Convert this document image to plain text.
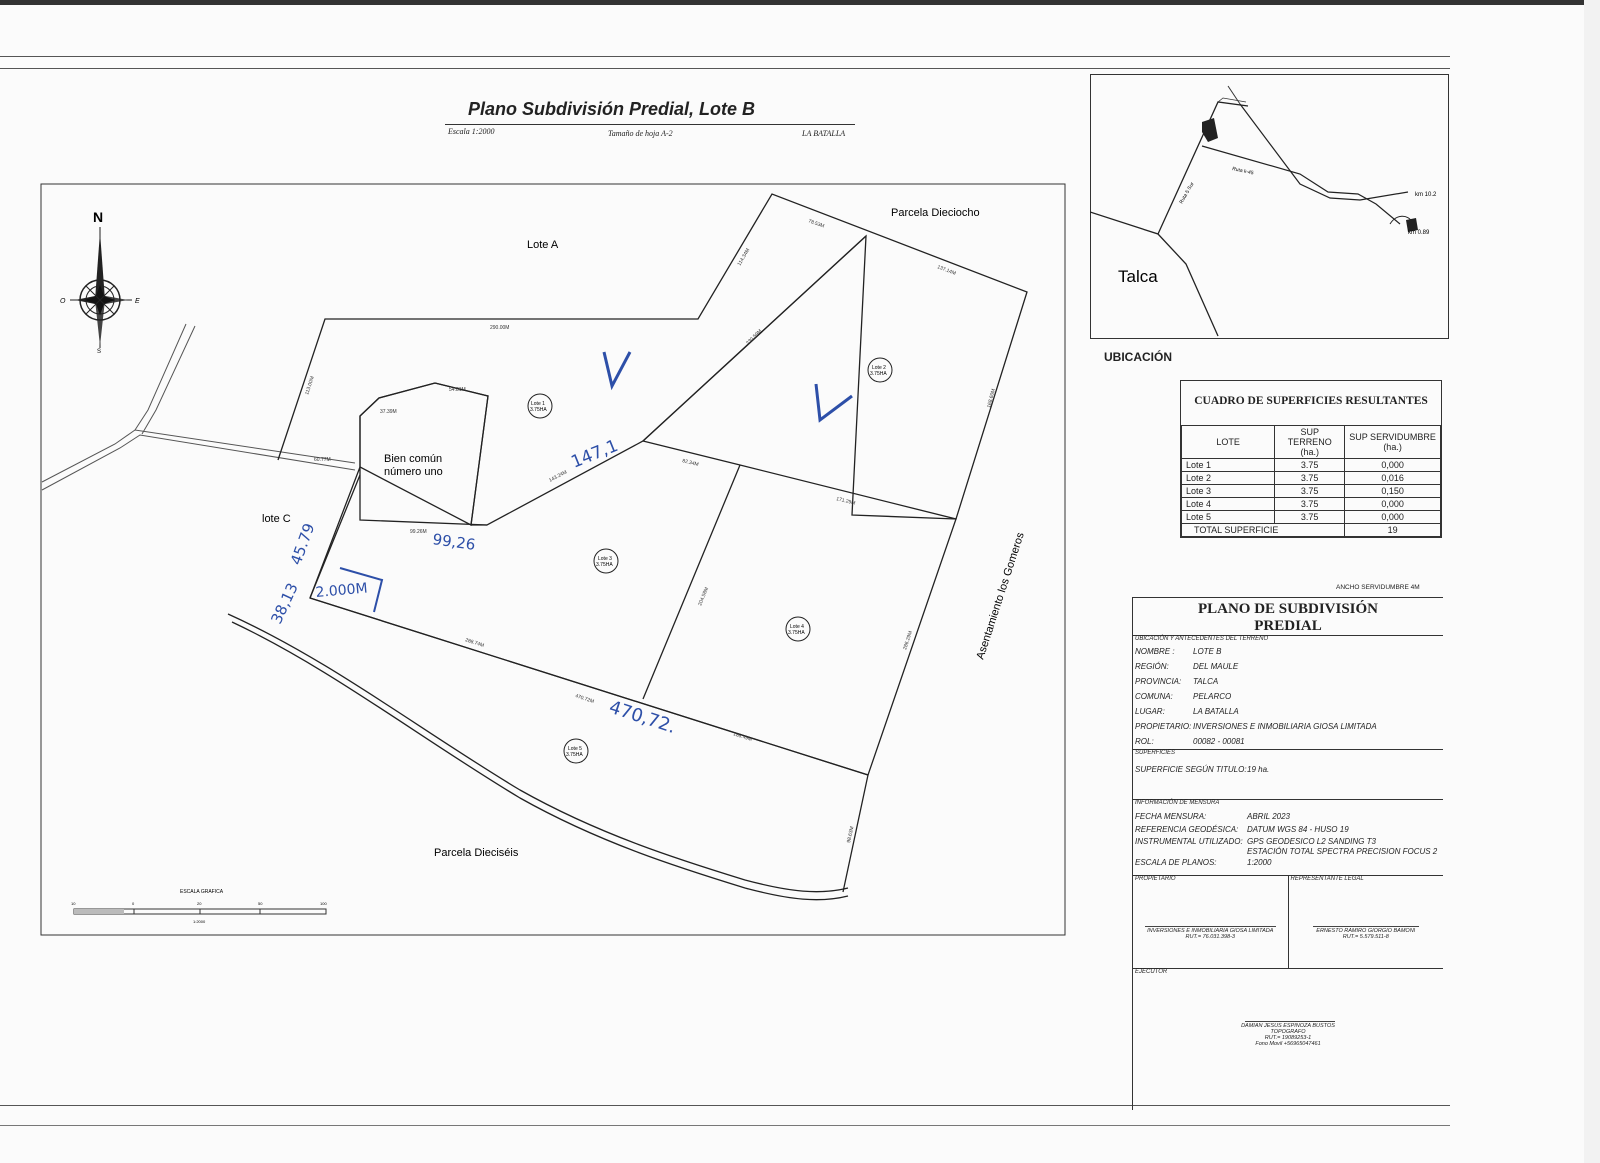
Plano Subdivisión Predial, Lote B
Escala 1:2000	Tamaño de hoja A-2	LA BATALLA
N
S
O	E
Lote A
Parcela Dieciocho
Parcela Dieciséis
lote C
Bien común
número uno
Asentamiento los Gomeros
Lote 1
3.75HA
Lote 2
3.75HA
Lote 3
3.75HA
Lote 4
3.75HA
Lote 5
3.75HA
290.00M
78.53M
137.14M
114.34M
230.59M
113.00M	54.81M
37.39M
60.77M	82.34M
143.24M
171.29M
99.26M
204.58M
288.74M	286.29M
470.72M
188.49M
98.63M
168.60M
147,1
99,26
45.79
2.000M
38,13
470,72.
ESCALA GRAFICA
1:2000
10	0	20	50	100
Talca
Ruta 5 Sur
Ruta k-45
km 10.2
km 0.89
UBICACIÓN
CUADRO DE SUPERFICIES RESULTANTES
LOTE	SUP TERRENO (ha.)	SUP SERVIDUMBRE (ha.)
Lote 1	3.75	0,000
Lote 2	3.75	0,016
Lote 3	3.75	0,150
Lote 4	3.75	0,000
Lote 5	3.75	0,000
TOTAL SUPERFICIE		19
ANCHO SERVIDUMBRE 4M
PLANO DE SUBDIVISIÓN
PREDIAL
UBICACIÓN Y ANTECEDENTES DEL TERRENO
NOMBRE :	LOTE B
REGIÓN:	DEL MAULE
PROVINCIA:	TALCA
COMUNA:	PELARCO
LUGAR:	LA BATALLA
PROPIETARIO: INVERSIONES E INMOBILIARIA GIOSA LIMITADA
ROL:	00082 - 00081
SUPERFICIES
SUPERFICIE SEGÚN TITULO: 19 ha.
INFORMACIÓN DE MENSURA
FECHA MENSURA:	ABRIL 2023
REFERENCIA GEODÉSICA:	DATUM WGS 84 - HUSO 19
INSTRUMENTAL UTILIZADO: GPS GEODESICO L2 SANDING T3
ESTACIÓN TOTAL SPECTRA PRECISION FOCUS 2
ESCALA DE PLANOS:	1:2000
PROPIETARIO
INVERSIONES E INMOBILIARIA GIOSA LIMITADA
RUT.= 76.031.398-3
REPRESENTANTE LEGAL
ERNESTO RAMIRO GIORGIO BAMONI
RUT.= 5.579.511-8
EJECUTOR
DAMIAN JESUS ESPINOZA BUSTOS
TOPOGRAFO
RUT.= 19089253-1
Fono Movil +56965047461
